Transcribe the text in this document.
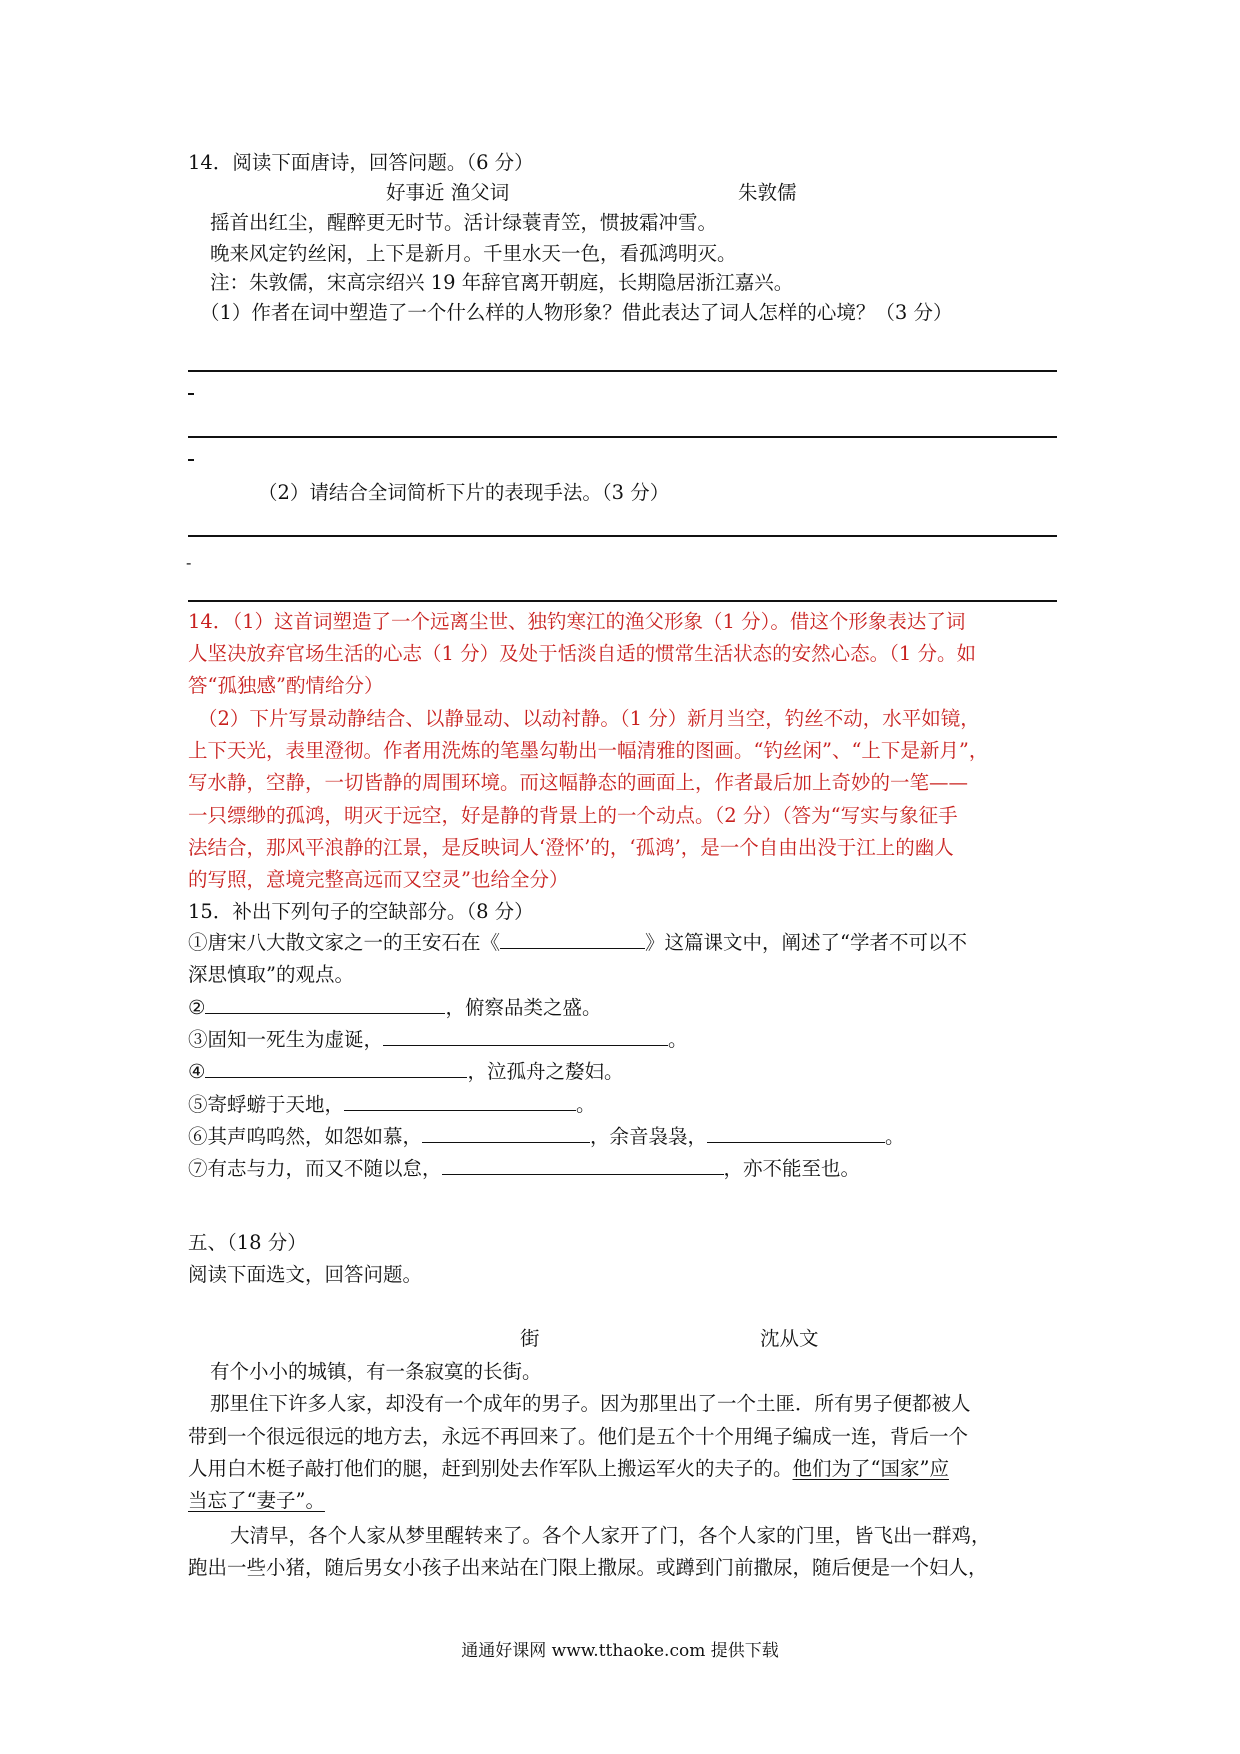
14．阅读下面唐诗，回答问题。（6 分）
好事近 渔父词	朱敦儒
摇首出红尘，醒醉更无时节。活计绿蓑青笠，惯披霜冲雪。
晚来风定钓丝闲，上下是新月。千里水天一色，看孤鸿明灭。
注：朱敦儒，宋高宗绍兴 19 年辞官离开朝庭，长期隐居浙江嘉兴。
（1）作者在词中塑造了一个什么样的人物形象？借此表达了词人怎样的心境？（3 分）
（2）请结合全词简析下片的表现手法。（3 分）
-
14．（1）这首词塑造了一个远离尘世、独钓寒江的渔父形象（1 分）。借这个形象表达了词
人坚决放弃官场生活的心志（1 分）及处于恬淡自适的惯常生活状态的安然心态。（1 分。如
答“孤独感”酌情给分）
（2）下片写景动静结合、以静显动、以动衬静。（1 分）新月当空，钓丝不动，水平如镜，
上下天光，表里澄彻。作者用洗炼的笔墨勾勒出一幅清雅的图画。“钓丝闲”、“上下是新月”，
写水静，空静，一切皆静的周围环境。而这幅静态的画面上，作者最后加上奇妙的一笔——
一只缥缈的孤鸿，明灭于远空，好是静的背景上的一个动点。（2 分）（答为“写实与象征手
法结合，那风平浪静的江景，是反映词人‘澄怀’的，‘孤鸿’，是一个自由出没于江上的幽人
的写照，意境完整高远而又空灵”也给全分）
15．补出下列句子的空缺部分。（8 分）
①唐宋八大散文家之一的王安石在《	》这篇课文中，阐述了“学者不可以不
深思慎取”的观点。
②	，俯察品类之盛。
③固知一死生为虚诞，	。
④	，泣孤舟之嫠妇。
⑤寄蜉蝣于天地，	。
⑥其声呜呜然，如怨如慕，	，余音袅袅，	。
⑦有志与力，而又不随以怠，	，亦不能至也。
五、（18 分）
阅读下面选文，回答问题。
街	沈从文
有个小小的城镇，有一条寂寞的长街。
那里住下许多人家，却没有一个成年的男子。因为那里出了一个土匪．所有男子便都被人
带到一个很远很远的地方去，永远不再回来了。他们是五个十个用绳子编成一连，背后一个
人用白木梃子敲打他们的腿，赶到别处去作军队上搬运军火的夫子的。他们为了“国家”应
当忘了“妻子”。
大清早，各个人家从梦里醒转来了。各个人家开了门，各个人家的门里，皆飞出一群鸡，
跑出一些小猪，随后男女小孩子出来站在门限上撒尿。或蹲到门前撒尿，随后便是一个妇人，
通通好课网 www.tthaoke.com 提供下载
